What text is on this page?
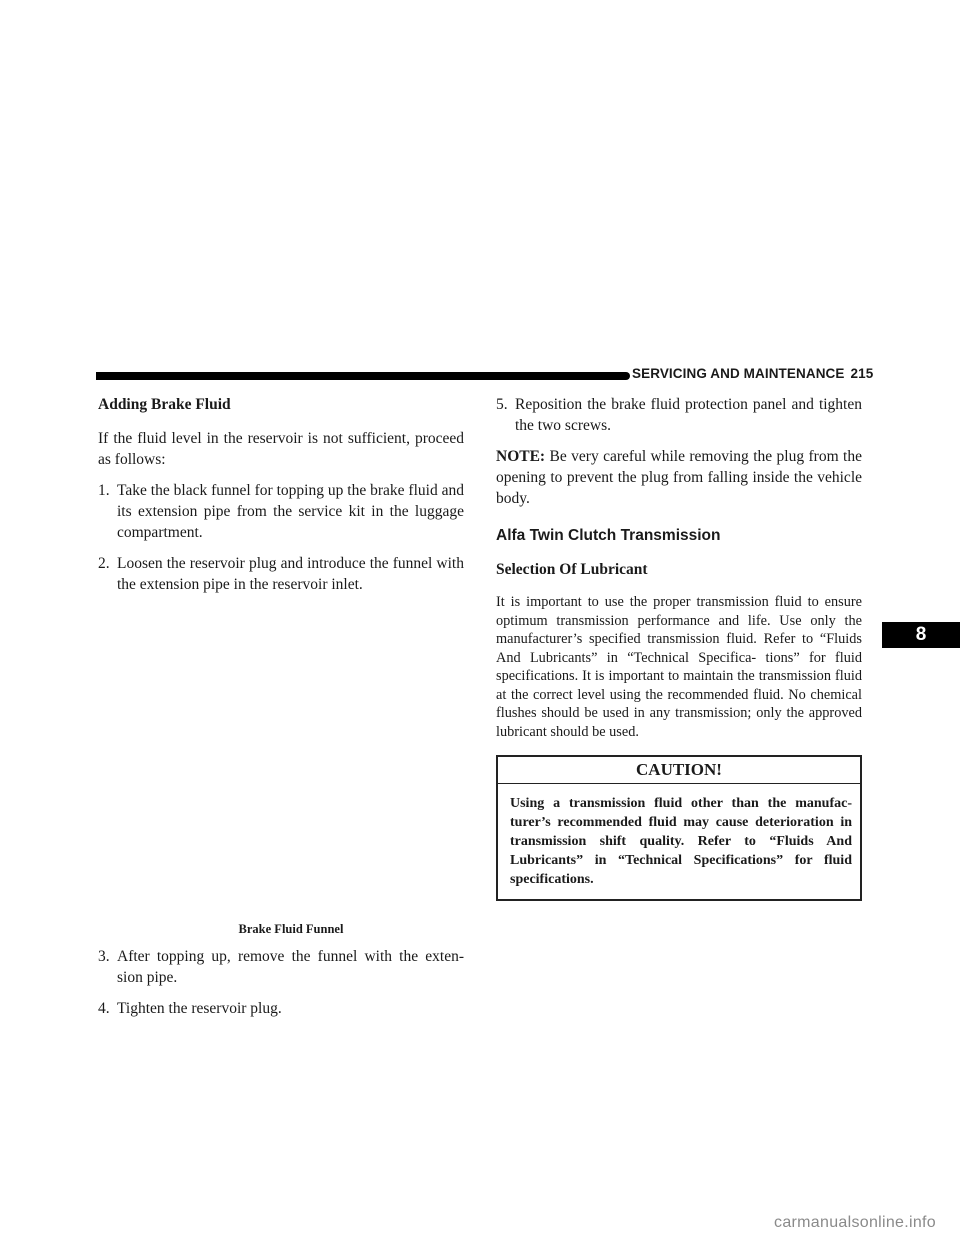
SERVICING AND MAINTENANCE 215
8
Adding Brake Fluid

If the fluid level in the reservoir is not sufficient, proceed as follows:

1. Take the black funnel for topping up the brake fluid and its extension pipe from the service kit in the luggage compartment.
2. Loosen the reservoir plug and introduce the funnel with the extension pipe in the reservoir inlet.
Brake Fluid Funnel
3. After topping up, remove the funnel with the exten- sion pipe.
4. Tighten the reservoir plug.
5. Reposition the brake fluid protection panel and tighten the two screws.

NOTE: Be very careful while removing the plug from the opening to prevent the plug from falling inside the vehicle body.

Alfa Twin Clutch Transmission
Selection Of Lubricant

It is important to use the proper transmission fluid to ensure optimum transmission performance and life. Use only the manufacturer’s specified transmission fluid. Refer to “Fluids And Lubricants” in “Technical Specifica- tions” for fluid specifications. It is important to maintain the transmission fluid at the correct level using the recommended fluid. No chemical flushes should be used in any transmission; only the approved lubricant should be used.

CAUTION!
Using a transmission fluid other than the manufac- turer’s recommended fluid may cause deterioration in transmission shift quality. Refer to “Fluids And Lubricants” in “Technical Specifications” for fluid specifications.
carmanualsonline.info
